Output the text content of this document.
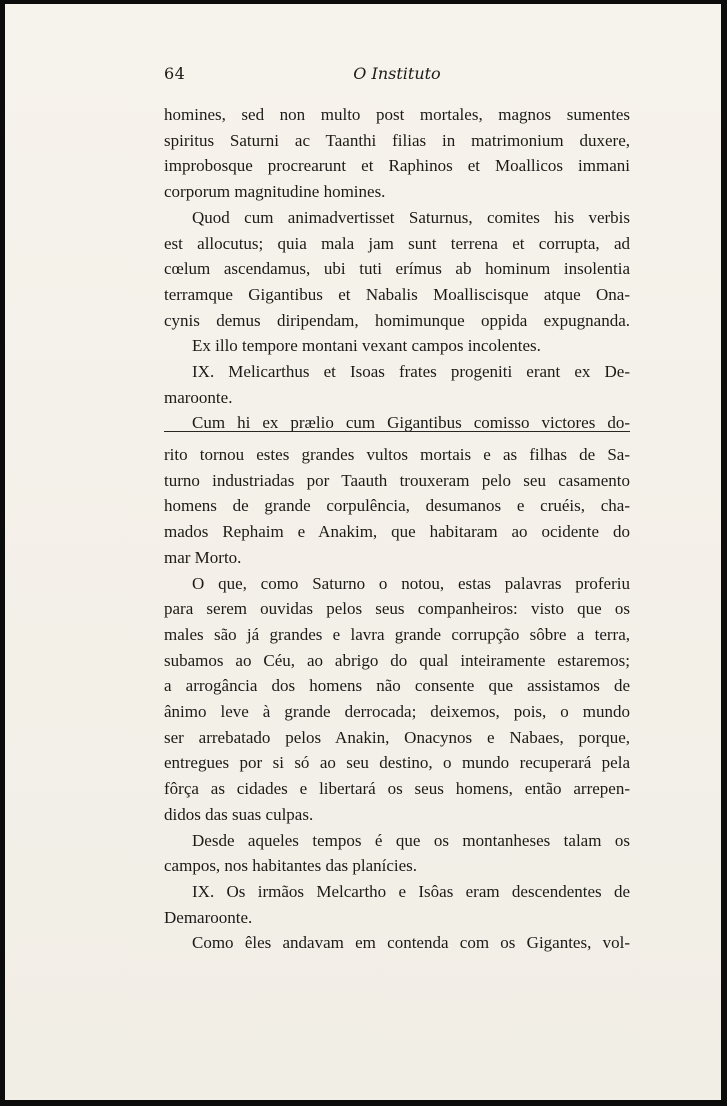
64	O Instituto
homines, sed non multo post mortales, magnos sumentes
spiritus Saturni ac Taanthi filias in matrimonium duxere,
improbosque procrearunt et Raphinos et Moallicos immani
corporum magnitudine homines.
Quod cum animadvertisset Saturnus, comites his verbis
est allocutus; quia mala jam sunt terrena et corrupta, ad
cœlum ascendamus, ubi tuti erímus ab hominum insolentia
terramque Gigantibus et Nabalis Moalliscisque atque Ona-
cynis demus diripendam, homimunque oppida expugnanda.
Ex illo tempore montani vexant campos incolentes.
IX. Melicarthus et Isoas frates progeniti erant ex De-
maroonte.
Cum hi ex prælio cum Gigantibus comisso victores do-
rito tornou estes grandes vultos mortais e as filhas de Sa-
turno industriadas por Taauth trouxeram pelo seu casamento
homens de grande corpulência, desumanos e cruéis, cha-
mados Rephaim e Anakim, que habitaram ao ocidente do
mar Morto.
O que, como Saturno o notou, estas palavras proferiu
para serem ouvidas pelos seus companheiros: visto que os
males são já grandes e lavra grande corrupção sôbre a terra,
subamos ao Céu, ao abrigo do qual inteiramente estaremos;
a arrogância dos homens não consente que assistamos de
ânimo leve à grande derrocada; deixemos, pois, o mundo
ser arrebatado pelos Anakin, Onacynos e Nabaes, porque,
entregues por si só ao seu destino, o mundo recuperará pela
fôrça as cidades e libertará os seus homens, então arrepen-
didos das suas culpas.
Desde aqueles tempos é que os montanheses talam os
campos, nos habitantes das planícies.
IX. Os irmãos Melcartho e Isôas eram descendentes de
Demaroonte.
Como êles andavam em contenda com os Gigantes, vol-
